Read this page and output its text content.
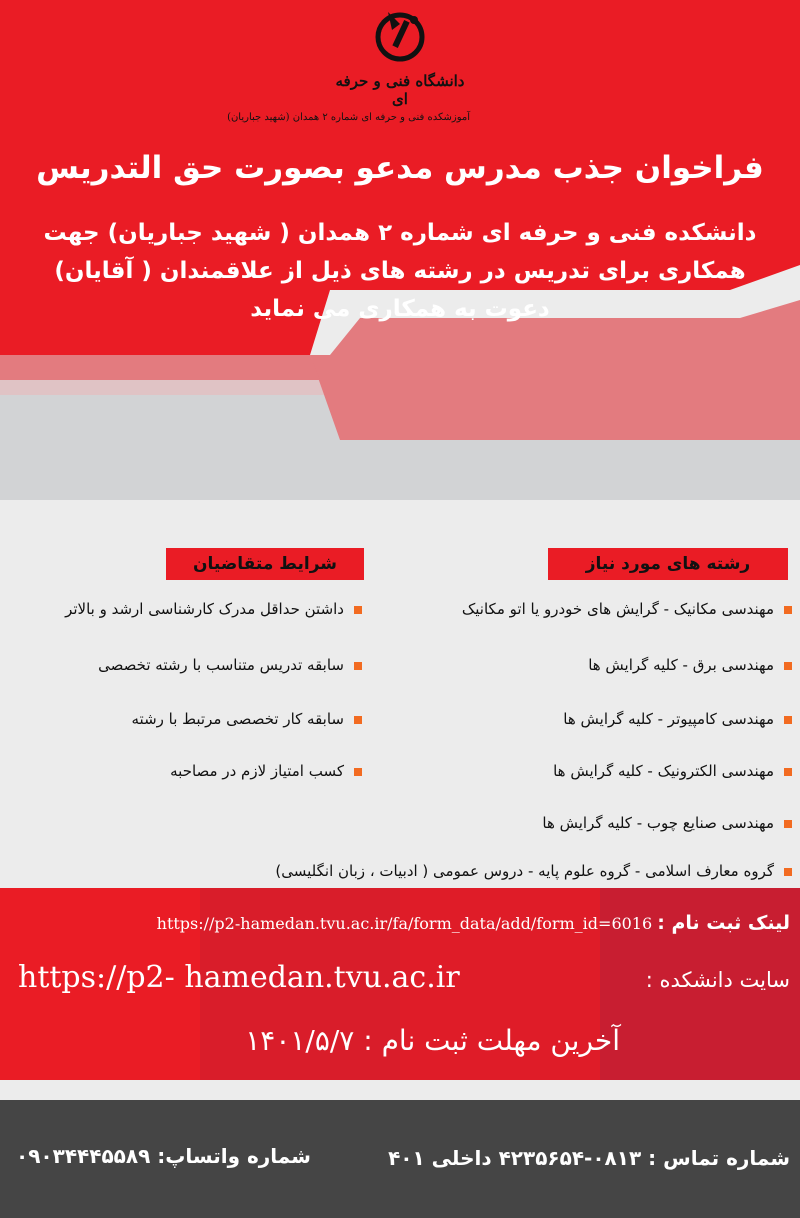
دانشگاه فنی و حرفه ای
آموزشکده فنی و حرفه ای شماره ۲ همدان (شهید جباریان)
فراخوان جذب مدرس مدعو بصورت حق التدریس
دانشکده فنی و حرفه ای شماره ۲ همدان ( شهید جباریان) جهت
همکاری برای تدریس در رشته های ذیل از علاقمندان ( آقایان)
دعوت به همکاری می نماید
رشته های مورد نیاز
شرایط متقاضیان
مهندسی مکانیک - گرایش های خودرو یا اتو مکانیک
مهندسی برق - کلیه گرایش ها
مهندسی کامپیوتر - کلیه گرایش ها
مهندسی الکترونیک - کلیه گرایش ها
مهندسی صنایع چوب - کلیه گرایش ها
گروه معارف اسلامی - گروه علوم پایه - دروس عمومی ( ادبیات ، زبان انگلیسی)
داشتن حداقل مدرک کارشناسی ارشد و بالاتر
سابقه تدریس متناسب با رشته تخصصی
سابقه کار تخصصی مرتبط با رشته
کسب امتیاز لازم در مصاحبه
لینک ثبت نام : https://p2-hamedan.tvu.ac.ir/fa/form_data/add/form_id=6016
سایت دانشکده :
https://p2- hamedan.tvu.ac.ir
آخرین مهلت ثبت نام : ۱۴۰۱/۵/۷
شماره تماس : ۰۸۱۳-۴۲۳۵۶۵۴ داخلی ۴۰۱
شماره واتساپ: ۰۹۰۳۴۴۴۵۵۸۹
